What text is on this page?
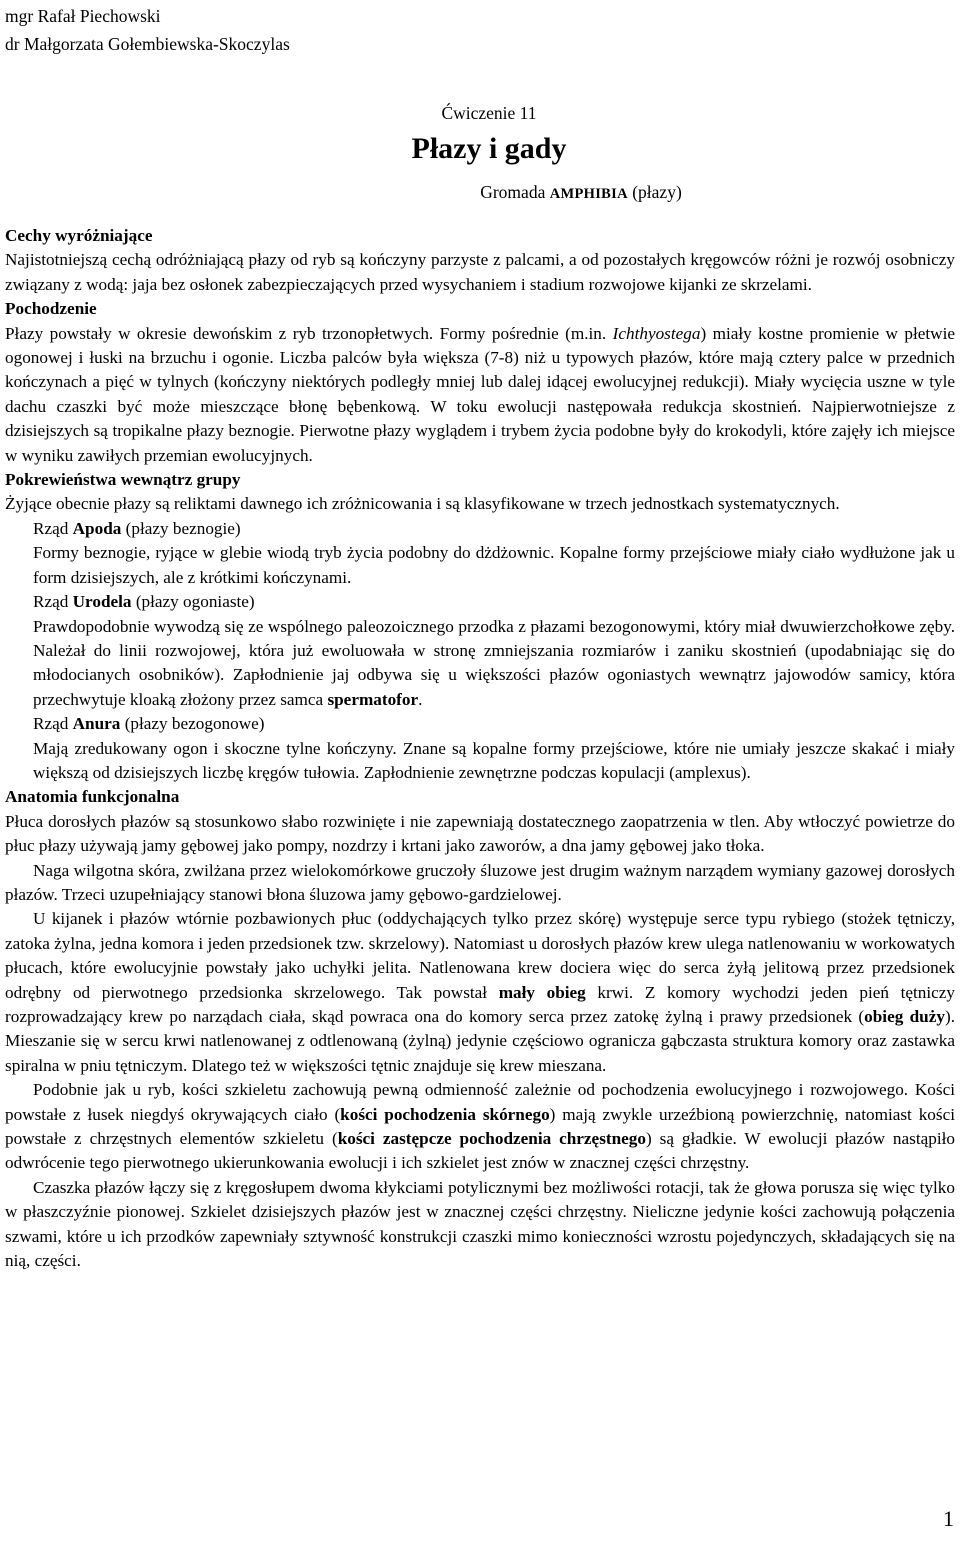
mgr Rafał Piechowski
dr Małgorzata Gołembiewska-Skoczylas
Ćwiczenie 11
Płazy i gady
Gromada AMPHIBIA (płazy)
Cechy wyróżniające

Najistotniejszą cechą odróżniającą płazy od ryb są kończyny parzyste z palcami, a od pozostałych kręgowców różni je rozwój osobniczy związany z wodą: jaja bez osłonek zabezpieczających przed wysychaniem i stadium rozwojowe kijanki ze skrzelami.

Pochodzenie

Płazy powstały w okresie dewońskim z ryb trzonopłetwych. Formy pośrednie (m.in. Ichthyostega) miały kostne promienie w płetwie ogonowej i łuski na brzuchu i ogonie. Liczba palców była większa (7-8) niż u typowych płazów, które mają cztery palce w przednich kończynach a pięć w tylnych (kończyny niektórych podległy mniej lub dalej idącej ewolucyjnej redukcji). Miały wycięcia uszne w tyle dachu czaszki być może mieszczące błonę bębenkową. W toku ewolucji następowała redukcja skostnień. Najpierwotniejsze z dzisiejszych są tropikalne płazy beznogie. Pierwotne płazy wyglądem i trybem życia podobne były do krokodyli, które zajęły ich miejsce w wyniku zawiłych przemian ewolucyjnych.

Pokrewieństwa wewnątrz grupy

Żyjące obecnie płazy są reliktami dawnego ich zróżnicowania i są klasyfikowane w trzech jednostkach systematycznych.

Rząd Apoda (płazy beznogie)

Formy beznogie, ryjące w glebie wiodą tryb życia podobny do dżdżownic. Kopalne formy przejściowe miały ciało wydłużone jak u form dzisiejszych, ale z krótkimi kończynami.

Rząd Urodela (płazy ogoniaste)

Prawdopodobnie wywodzą się ze wspólnego paleozoicznego przodka z płazami bezogonowymi, który miał dwuwierzchołkowe zęby. Należał do linii rozwojowej, która już ewoluowała w stronę zmniejszania rozmiarów i zaniku skostnień (upodabniając się do młodocianych osobników). Zapłodnienie jaj odbywa się u większości płazów ogoniastych wewnątrz jajowodów samicy, która przechwytuje kloaką złożony przez samca spermatofor.

Rząd Anura (płazy bezogonowe)

Mają zredukowany ogon i skoczne tylne kończyny. Znane są kopalne formy przejściowe, które nie umiały jeszcze skakać i miały większą od dzisiejszych liczbę kręgów tułowia. Zapłodnienie zewnętrzne podczas kopulacji (amplexus).

Anatomia funkcjonalna

Płuca dorosłych płazów są stosunkowo słabo rozwinięte i nie zapewniają dostatecznego zaopatrzenia w tlen. Aby wtłoczyć powietrze do płuc płazy używają jamy gębowej jako pompy, nozdrzy i krtani jako zaworów, a dna jamy gębowej jako tłoka.

Naga wilgotna skóra, zwilżana przez wielokomórkowe gruczoły śluzowe jest drugim ważnym narządem wymiany gazowej dorosłych płazów. Trzeci uzupełniający stanowi błona śluzowa jamy gębowo-gardzielowej.

U kijanek i płazów wtórnie pozbawionych płuc (oddychających tylko przez skórę) występuje serce typu rybiego (stożek tętniczy, zatoka żylna, jedna komora i jeden przedsionek tzw. skrzelowy). Natomiast u dorosłych płazów krew ulega natlenowaniu w workowatych płucach, które ewolucyjnie powstały jako uchyłki jelita. Natlenowana krew dociera więc do serca żyłą jelitową przez przedsionek odrębny od pierwotnego przedsionka skrzelowego. Tak powstał mały obieg krwi. Z komory wychodzi jeden pień tętniczy rozprowadzający krew po narządach ciała, skąd powraca ona do komory serca przez zatokę żylną i prawy przedsionek (obieg duży). Mieszanie się w sercu krwi natlenowanej z odtlenowaną (żylną) jedynie częściowo ogranicza gąbczasta struktura komory oraz zastawka spiralna w pniu tętniczym. Dlatego też w większości tętnic znajduje się krew mieszana.

Podobnie jak u ryb, kości szkieletu zachowują pewną odmienność zależnie od pochodzenia ewolucyjnego i rozwojowego. Kości powstałe z łusek niegdyś okrywających ciało (kości pochodzenia skórnego) mają zwykle urzeźbioną powierzchnię, natomiast kości powstałe z chrzęstnych elementów szkieletu (kości zastępcze pochodzenia chrzęstnego) są gładkie. W ewolucji płazów nastąpiło odwrócenie tego pierwotnego ukierunkowania ewolucji i ich szkielet jest znów w znacznej części chrzęstny.

Czaszka płazów łączy się z kręgosłupem dwoma kłykciami potylicznymi bez możliwości rotacji, tak że głowa porusza się więc tylko w płaszczyźnie pionowej. Szkielet dzisiejszych płazów jest w znacznej części chrzęstny. Nieliczne jedynie kości zachowują połączenia szwami, które u ich przodków zapewniały sztywność konstrukcji czaszki mimo konieczności wzrostu pojedynczych, składających się na nią, części.

1
